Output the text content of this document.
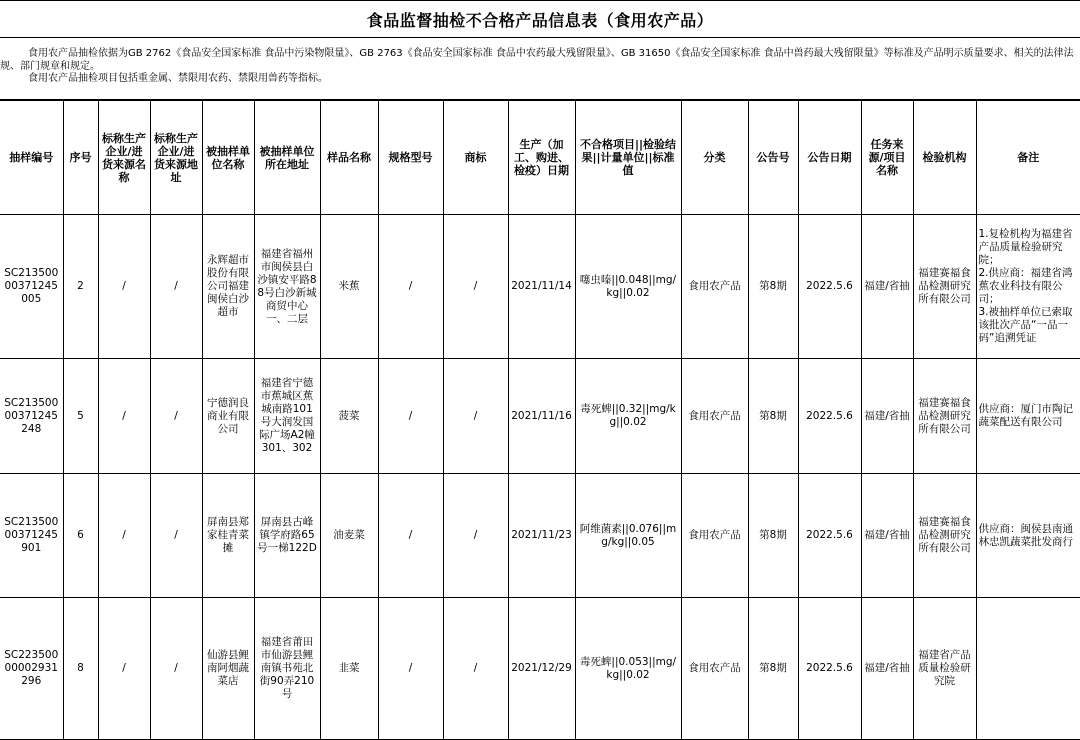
食品监督抽检不合格产品信息表（食用农产品）

食用农产品抽检依据为GB 2762《食品安全国家标准 食品中污染物限量》、GB 2763《食品安全国家标准 食品中农药最大残留限量》、GB 31650《食品安全国家标准 食品中兽药最大残留限量》等标准及产品明示质量要求、相关的法律法规、部门规章和规定。

食用农产品抽检项目包括重金属、禁限用农药、禁限用兽药等指标。

抽样编号	序号	标称生产企业/进货来源名称	标称生产企业/进货来源地址	被抽样单位名称	被抽样单位所在地址	样品名称	规格型号	商标	生产（加工、购进、检疫）日期	不合格项目||检验结果||计量单位||标准值	分类	公告号	公告日期	任务来源/项目名称	检验机构	备注
SC21350000371245005	2	/	/	永辉超市股份有限公司福建闽侯白沙超市	福建省福州市闽侯县白沙镇安平路88号白沙新城商贸中心一、二层	米蕉	/	/	2021/11/14	噻虫嗪||0.048||mg/kg||0.02	食用农产品	第8期	2022.5.6	福建/省抽	福建赛福食品检测研究所有限公司	1.复检机构为福建省产品质量检验研究院；
2.供应商：福建省鸿蕉农业科技有限公司；
3.被抽样单位已索取该批次产品“一品一码”追溯凭证

SC21350000371245248	5	/	/	宁德润良商业有限公司	福建省宁德市蕉城区蕉城南路101号大润发国际广场A2幢301、302	菠菜	/	/	2021/11/16	毒死蜱||0.32||mg/kg||0.02	食用农产品	第8期	2022.5.6	福建/省抽	福建赛福食品检测研究所有限公司	供应商：厦门市陶记蔬菜配送有限公司
SC21350000371245901	6	/	/	屏南县郑家桂青菜摊	屏南县古峰镇学府路65号一梯122D	油麦菜	/	/	2021/11/23	阿维菌素||0.076||mg/kg||0.05	食用农产品	第8期	2022.5.6	福建/省抽	福建赛福食品检测研究所有限公司	供应商：闽侯县南通林忠凯蔬菜批发商行
SC22350000002931296	8	/	/	仙游县鲤南阿烟蔬菜店	福建省莆田市仙游县鲤南镇书苑北街90弄210号	韭菜	/	/	2021/12/29	毒死蜱||0.053||mg/kg||0.02	食用农产品	第8期	2022.5.6	福建/省抽	福建省产品质量检验研究院	
